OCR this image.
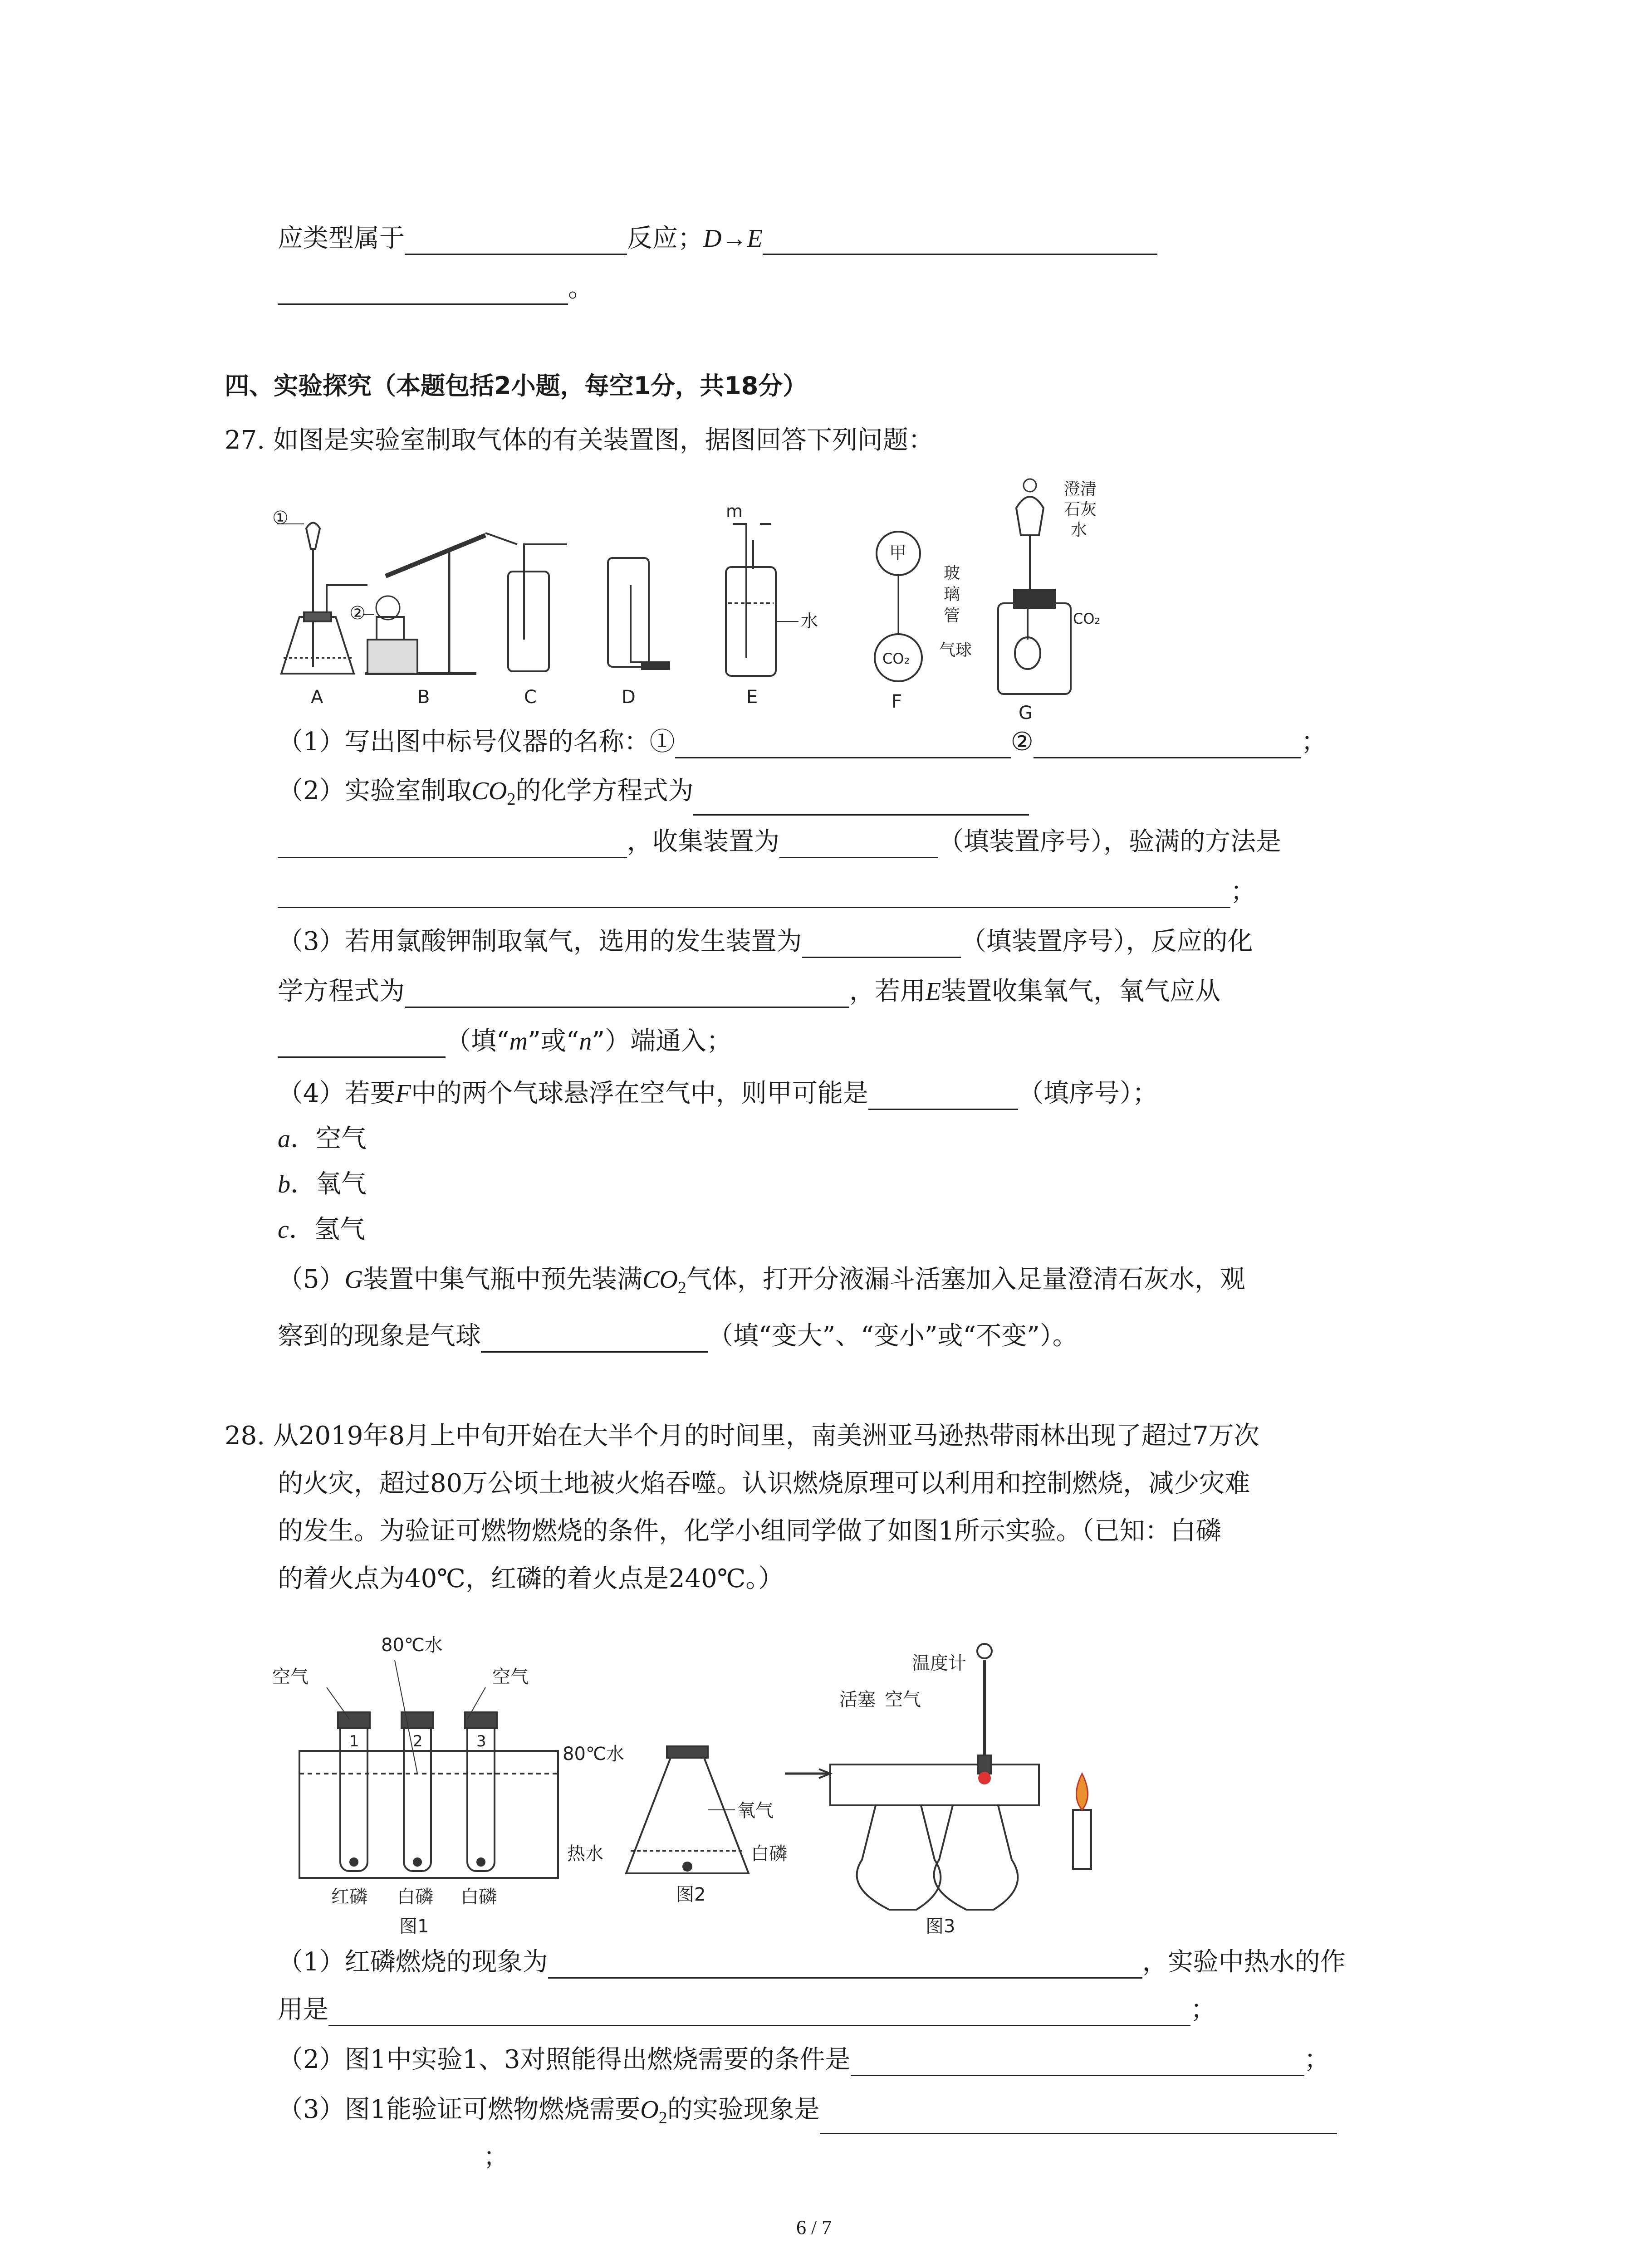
应类型属于	反应；D→E
。
四、实验探究（本题包括2小题，每空1分，共18分）
27. 如图是实验室制取气体的有关装置图，据图回答下列问题：
①
②
A	B	C	D	E	F
G
m
水
甲
CO₂
澄清
石灰
水
玻
璃
管
气球
CO₂
（1）写出图中标号仪器的名称：①	②	；
（2）实验室制取$CO_2$的化学方程式为
，收集装置为	（填装置序号），验满的方法是
；
（3）若用氯酸钾制取氧气，选用的发生装置为	（填装置序号），反应的化
学方程式为	，若用E装置收集氧气，氧气应从
（填“m”或“n”）端通入；
（4）若要F中的两个气球悬浮在空气中，则甲可能是	（填序号）；
a．空气
b．氧气
c．氢气
（5）G装置中集气瓶中预先装满$CO_2$气体，打开分液漏斗活塞加入足量澄清石灰水，观
察到的现象是气球	（填“变大”、“变小”或“不变”）。
28. 从2019年8月上中旬开始在大半个月的时间里，南美洲亚马逊热带雨林出现了超过7万次
的火灾，超过80万公顷土地被火焰吞噬。认识燃烧原理可以利用和控制燃烧，减少灾难
的发生。为验证可燃物燃烧的条件，化学小组同学做了如图1所示实验。（已知：白磷
的着火点为40℃，红磷的着火点是240℃。）
80℃水
空气	空气
80℃水
1	2	3
红磷 白磷 白磷
图1
氧气
热水	白磷
图2
温度计
活塞 空气
图3
（1）红磷燃烧的现象为	，实验中热水的作
用是	；
（2）图1中实验1、3对照能得出燃烧需要的条件是	；
（3）图1能验证可燃物燃烧需要$O_2$的实验现象是
；
6 / 7
